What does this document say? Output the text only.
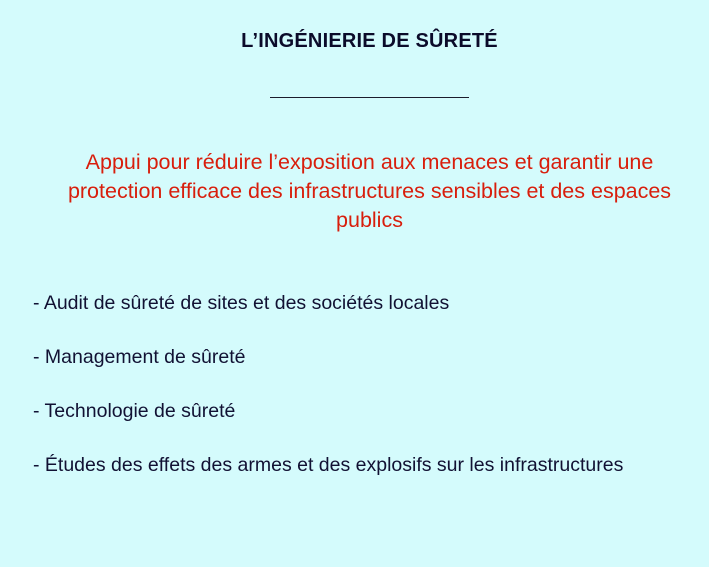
L’INGÉNIERIE DE SÛRETÉ
Appui pour réduire l’exposition aux menaces et garantir une protection efficace des infrastructures sensibles et des espaces publics
- Audit de sûreté de sites et des sociétés locales
- Management de sûreté
- Technologie de sûreté
- Études des effets des armes et des explosifs sur les infrastructures
